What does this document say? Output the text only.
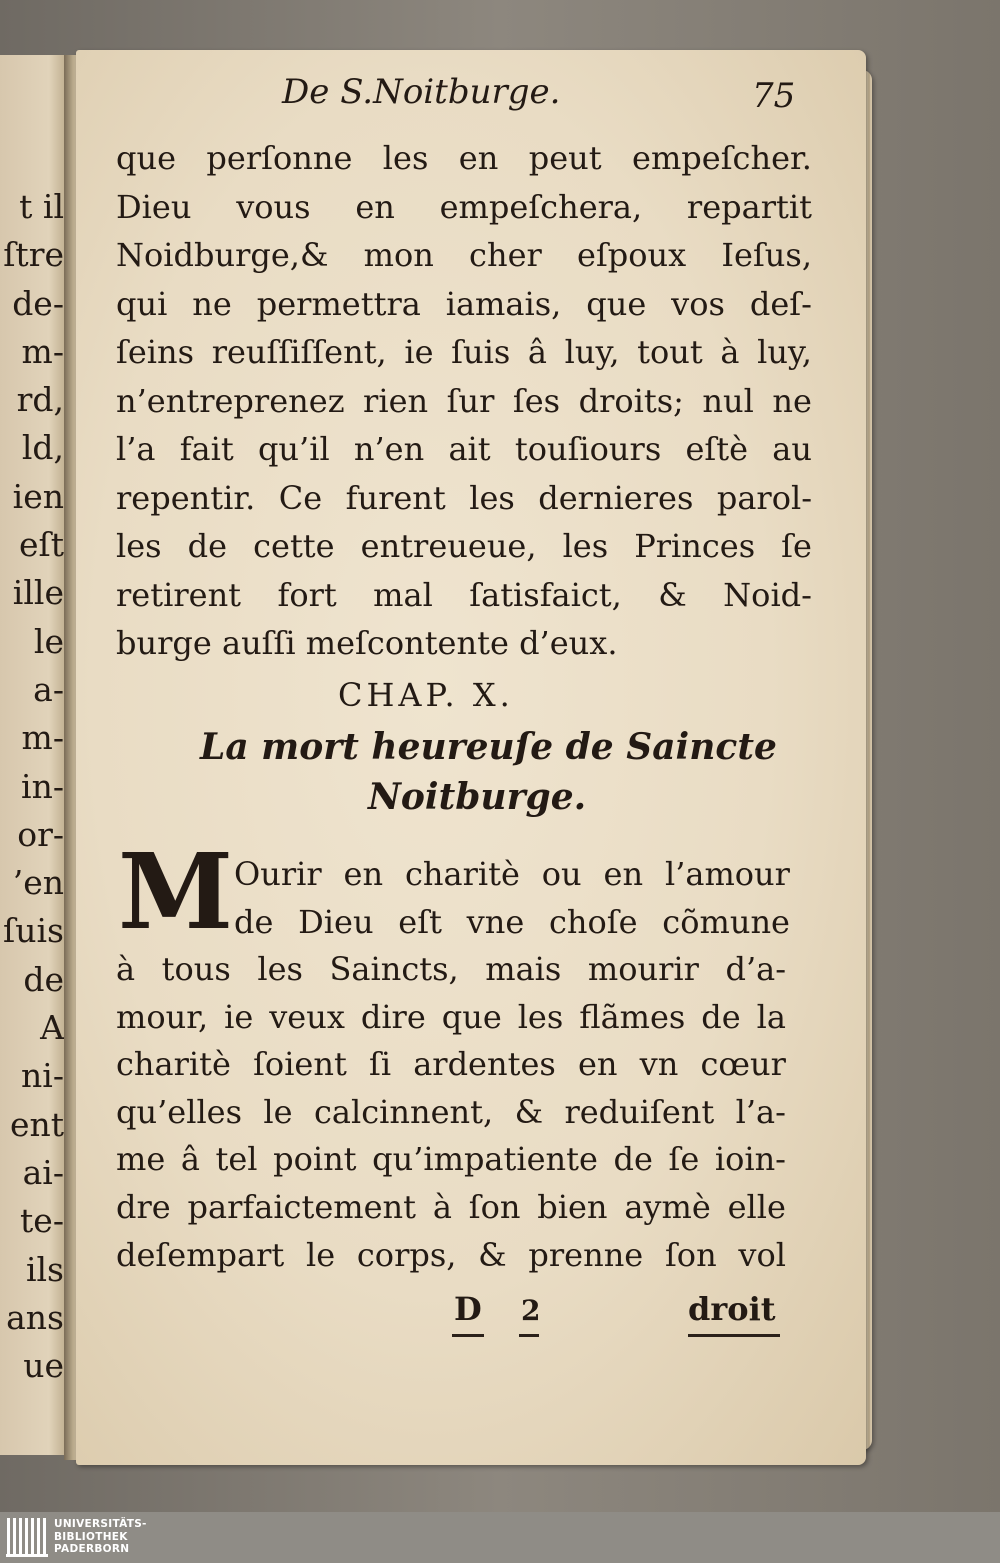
t il
ſtre
de-
m-
rd,
ld,
ien
eſt
ille
le
a-
m-
in-
or-
’en
ſuis
de
A
ni-
ent
ai-
te-
ils
ans
ue
De S.Noitburge.	75
que perſonne les en peut empeſcher.
Dieu vous en empeſchera, repartit
Noidburge,& mon cher eſpoux Ieſus,
qui ne permettra iamais, que vos deſ-
ſeins reuſſiſſent, ie ſuis â luy, tout à luy,
n’entreprenez rien ſur ſes droits; nul ne
l’a fait qu’il n’en ait touſiours eſtè au
repentir. Ce furent les dernieres parol-
les de cette entreueue, les Princes ſe
retirent fort mal ſatisfaict, & Noid-
burge auſſi meſcontente d’eux.
CHAP. X.
La mort heureuſe de Saincte
Noitburge.
M Ourir en charitè ou en l’amour
de Dieu eſt vne choſe cõmune
à tous les Saincts, mais mourir d’a-
mour, ie veux dire que les flãmes de la
charitè ſoient ſi ardentes en vn cœur
qu’elles le calcinnent, & reduiſent l’a-
me â tel point qu’impatiente de ſe ioin-
dre parfaictement à ſon bien aymè elle
deſempart le corps, & prenne ſon vol
D 2	droit
UNIVERSITÄTS-
BIBLIOTHEK
PADERBORN
